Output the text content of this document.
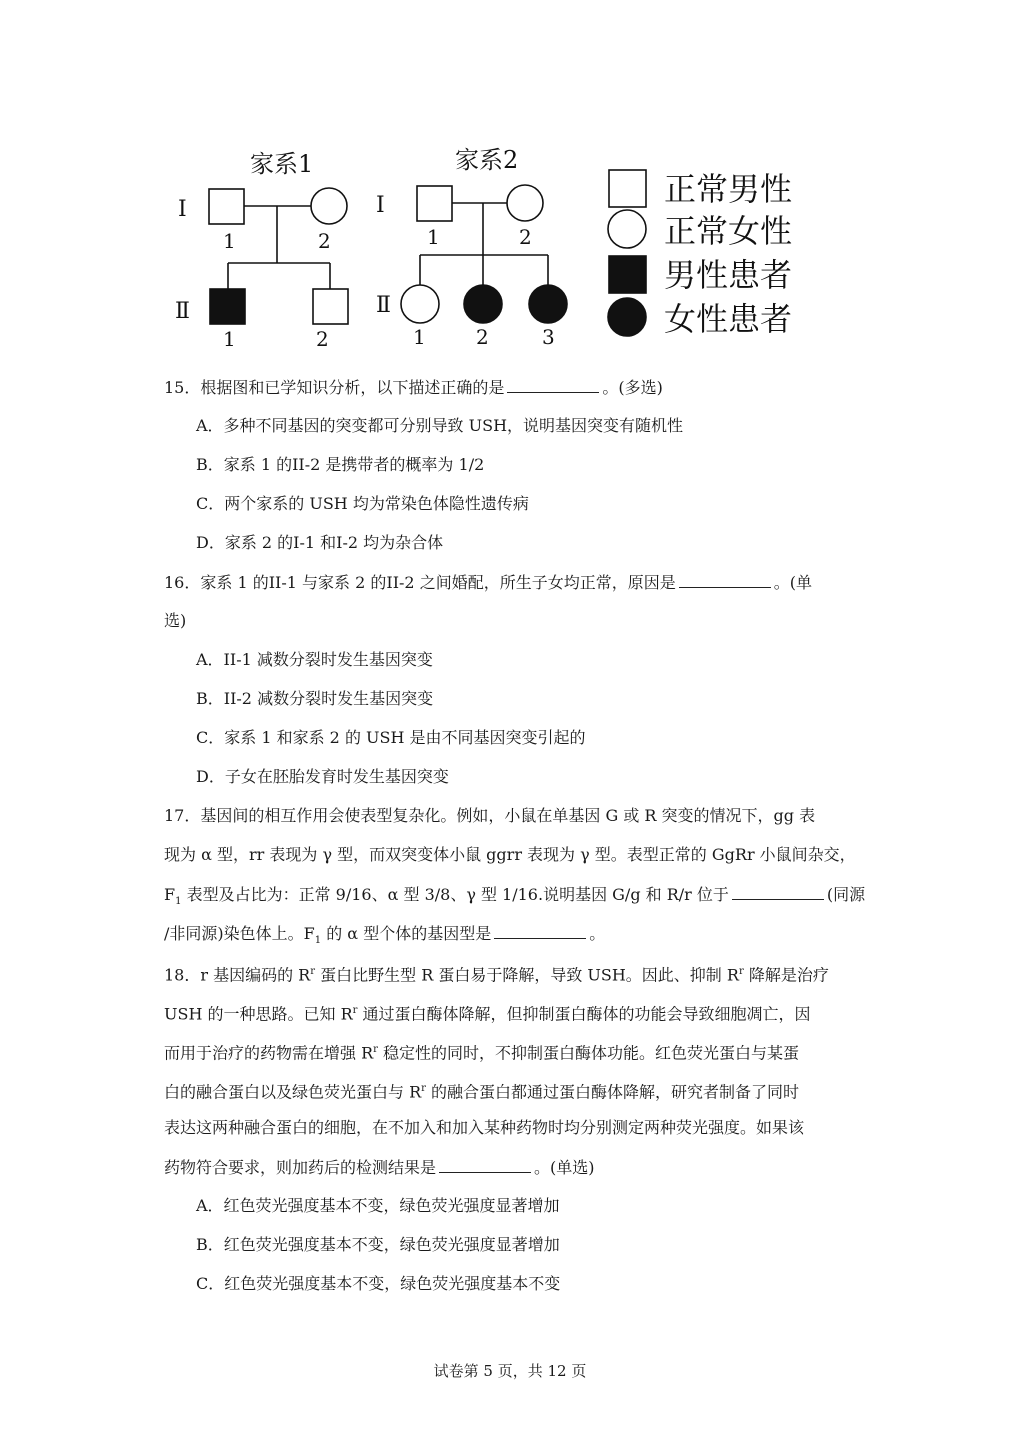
家系1
Ⅰ
1	2
Ⅱ
1	2
家系2
Ⅰ
1	2
Ⅱ
1	2	3
正常男性
正常女性
男性患者
女性患者
15．根据图和已学知识分析，以下描述正确的是	。(多选)
A．多种不同基因的突变都可分别导致 USH，说明基因突变有随机性
B．家系 1 的II-2 是携带者的概率为 1/2
C．两个家系的 USH 均为常染色体隐性遗传病
D．家系 2 的I-1 和I-2 均为杂合体
16．家系 1 的II-1 与家系 2 的II-2 之间婚配，所生子女均正常，原因是	。(单
选)
A．II-1 减数分裂时发生基因突变
B．II-2 减数分裂时发生基因突变
C．家系 1 和家系 2 的 USH 是由不同基因突变引起的
D．子女在胚胎发育时发生基因突变
17．基因间的相互作用会使表型复杂化。例如，小鼠在单基因 G 或 R 突变的情况下，gg 表
现为 α 型，rr 表现为 γ 型，而双突变体小鼠 ggrr 表现为 γ 型。表型正常的 GgRr 小鼠间杂交，
$F_1$ 表型及占比为：正常 9/16、α 型 3/8、γ 型 1/16.说明基因 G/g 和 R/r 位于	(同源
/非同源)染色体上。$F_1$ 的 α 型个体的基因型是	。
18．r 基因编码的 $R^r$ 蛋白比野生型 R 蛋白易于降解，导致 USH。因此、抑制 $R^r$ 降解是治疗
USH 的一种思路。已知 $R^r$ 通过蛋白酶体降解，但抑制蛋白酶体的功能会导致细胞凋亡，因
而用于治疗的药物需在增强 $R^r$ 稳定性的同时，不抑制蛋白酶体功能。红色荧光蛋白与某蛋
白的融合蛋白以及绿色荧光蛋白与 $R^r$ 的融合蛋白都通过蛋白酶体降解，研究者制备了同时
表达这两种融合蛋白的细胞，在不加入和加入某种药物时均分别测定两种荧光强度。如果该
药物符合要求，则加药后的检测结果是	。(单选)
A．红色荧光强度基本不变，绿色荧光强度显著增加
B．红色荧光强度基本不变，绿色荧光强度显著增加
C．红色荧光强度基本不变，绿色荧光强度基本不变
试卷第 5 页，共 12 页
